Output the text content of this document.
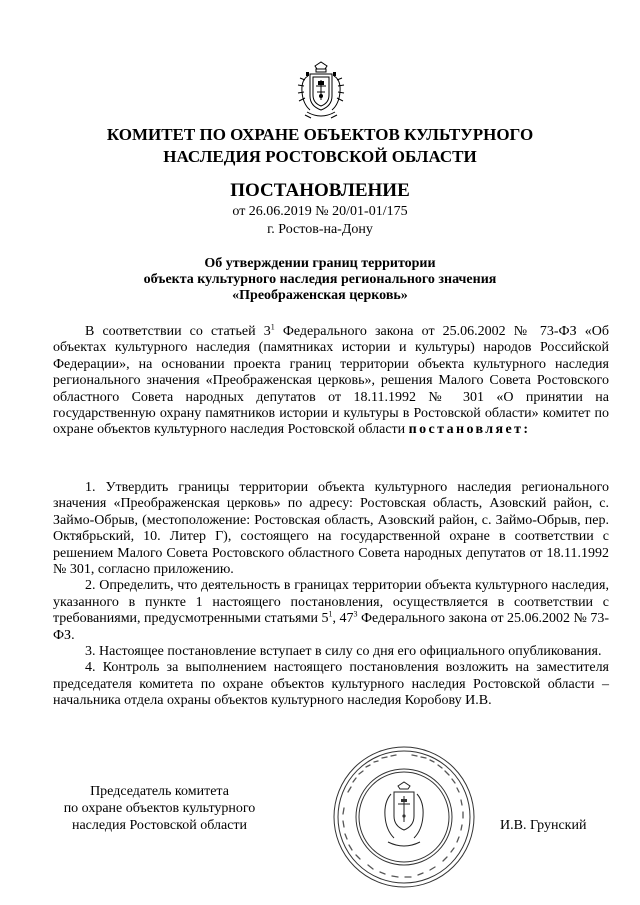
КОМИТЕТ ПО ОХРАНЕ ОБЪЕКТОВ КУЛЬТУРНОГО
НАСЛЕДИЯ РОСТОВСКОЙ ОБЛАСТИ
ПОСТАНОВЛЕНИЕ
от 26.06.2019 № 20/01-01/175
г. Ростов-на-Дону
Об утверждении границ территории
объекта культурного наследия регионального значения
«Преображенская церковь»

В соответствии со статьей $3^1$ Федерального закона от 25.06.2002 № 73-ФЗ «Об объектах культурного наследия (памятниках истории и культуры) народов Российской Федерации», на основании проекта границ территории объекта культурного наследия регионального значения «Преображенская церковь», решения Малого Совета Ростовского областного Совета народных депутатов от 18.11.1992 № 301 «О принятии на государственную охрану памятников истории и культуры в Ростовской области» комитет по охране объектов культурного наследия Ростовской области постановляет:

1. Утвердить границы территории объекта культурного наследия регионального значения «Преображенская церковь» по адресу: Ростовская область, Азовский район, с. Займо-Обрыв, (местоположение: Ростовская область, Азовский район, с. Займо-Обрыв, пер. Октябрьский, 10. Литер Г), состоящего на государственной охране в соответствии с решением Малого Совета Ростовского областного Совета народных депутатов от 18.11.1992 № 301, согласно приложению.

2. Определить, что деятельность в границах территории объекта культурного наследия, указанного в пункте 1 настоящего постановления, осуществляется в соответствии с требованиями, предусмотренными статьями $5^1$, $47^3$ Федерального закона от 25.06.2002 № 73-ФЗ.

3. Настоящее постановление вступает в силу со дня его официального опубликования.

4. Контроль за выполнением настоящего постановления возложить на заместителя председателя комитета по охране объектов культурного наследия Ростовской области – начальника отдела охраны объектов культурного наследия Коробову И.В.

Председатель комитета
по охране объектов культурного
наследия Ростовской области	И.В. Грунский
